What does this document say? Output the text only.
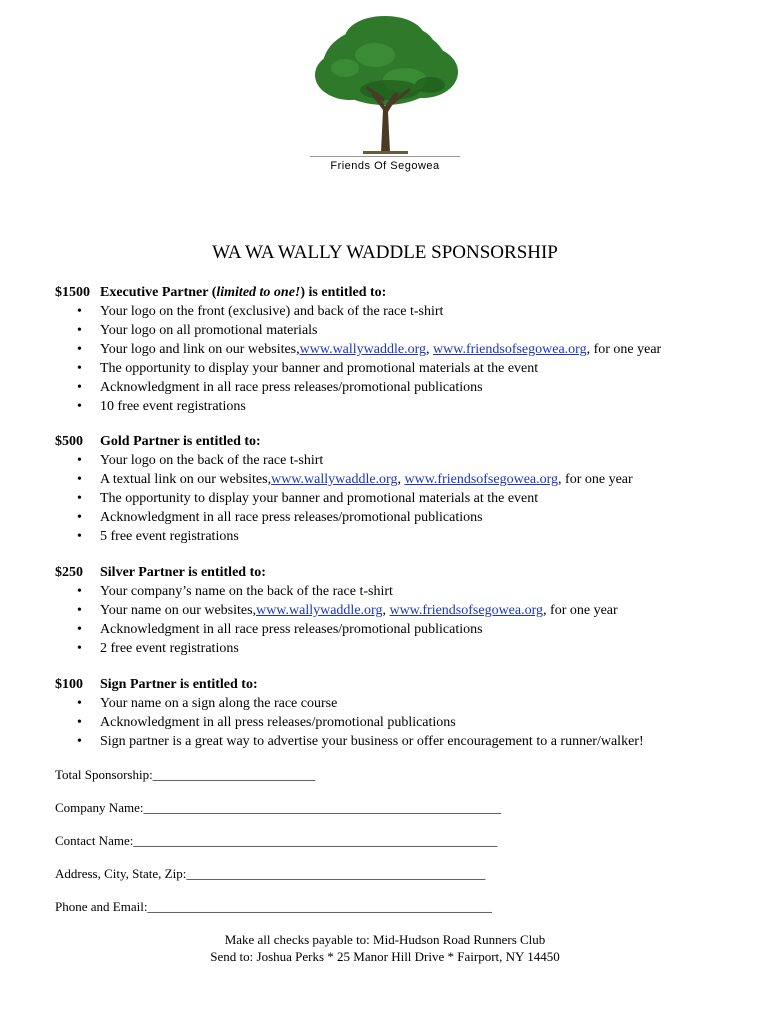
Friends Of Segowea
WA WA WALLY WADDLE SPONSORSHIP
$1500 Executive Partner (limited to one!) is entitled to:
• Your logo on the front (exclusive) and back of the race t-shirt
• Your logo on all promotional materials
• Your logo and link on our websites,www.wallywaddle.org, www.friendsofsegowea.org, for one year
• The opportunity to display your banner and promotional materials at the event
• Acknowledgment in all race press releases/promotional publications
• 10 free event registrations
$500	Gold Partner is entitled to:
• Your logo on the back of the race t-shirt
• A textual link on our websites,www.wallywaddle.org, www.friendsofsegowea.org, for one year
• The opportunity to display your banner and promotional materials at the event
• Acknowledgment in all race press releases/promotional publications
• 5 free event registrations
$250	Silver Partner is entitled to:
• Your company’s name on the back of the race t-shirt
• Your name on our websites,www.wallywaddle.org, www.friendsofsegowea.org, for one year
• Acknowledgment in all race press releases/promotional publications
• 2 free event registrations
$100	Sign Partner is entitled to:
• Your name on a sign along the race course
• Acknowledgment in all press releases/promotional publications
• Sign partner is a great way to advertise your business or offer encouragement to a runner/walker!
Total Sponsorship:_________________________
Company Name:_______________________________________________________
Contact Name:________________________________________________________
Address, City, State, Zip:______________________________________________
Phone and Email:_____________________________________________________
Make all checks payable to: Mid-Hudson Road Runners Club
Send to: Joshua Perks * 25 Manor Hill Drive * Fairport, NY 14450
